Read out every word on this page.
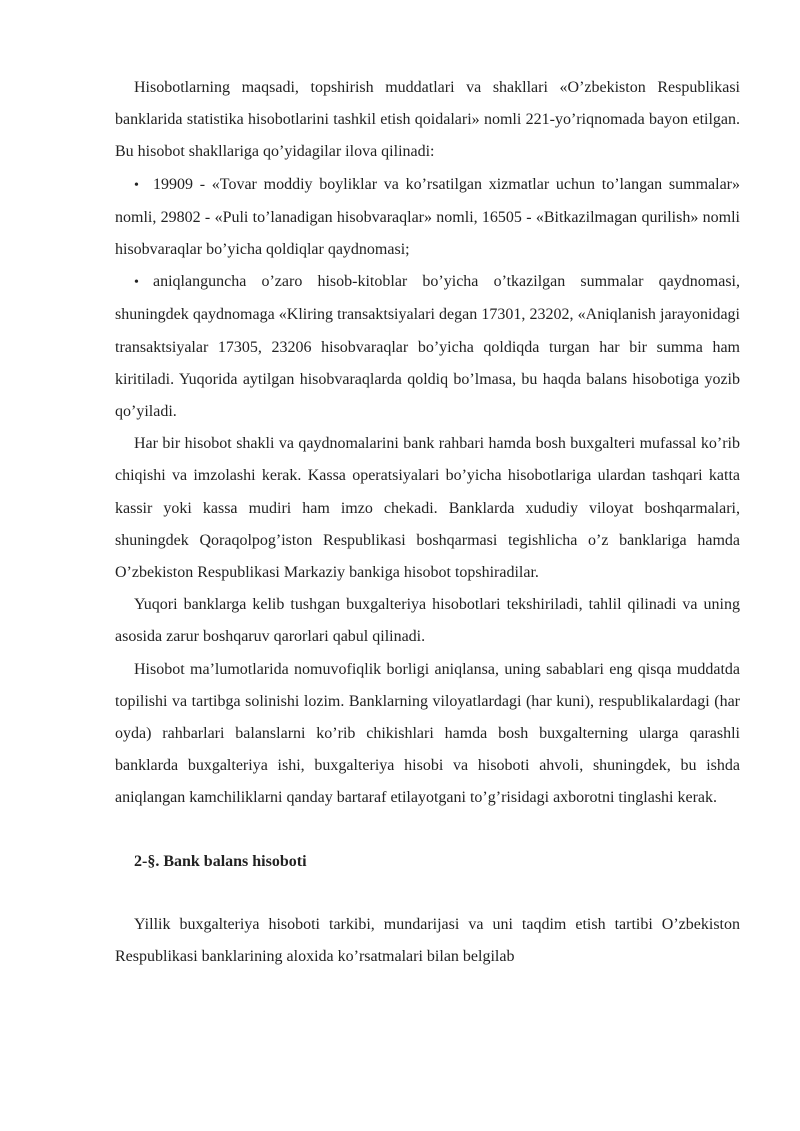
Hisobotlarning maqsadi, topshirish muddatlari va shakllari «O’zbekiston Respublikasi banklarida statistika hisobotlarini tashkil etish qoidalari» nomli 221-yo’riqnomada bayon etilgan. Bu hisobot shakllariga qo’yidagilar ilova qilinadi:

• 19909 - «Tovar moddiy boyliklar va ko’rsatilgan xizmatlar uchun to’langan summalar» nomli, 29802 - «Puli to’lanadigan hisobvaraqlar» nomli, 16505 - «Bitkazilmagan qurilish» nomli hisobvaraqlar bo’yicha qoldiqlar qaydnomasi;

• aniqlanguncha o’zaro hisob-kitoblar bo’yicha o’tkazilgan summalar qaydnomasi, shuningdek qaydnomaga «Kliring transaktsiyalari degan 17301, 23202, «Aniqlanish jarayonidagi transaktsiyalar 17305, 23206 hisobvaraqlar bo’yicha qoldiqda turgan har bir summa ham kiritiladi. Yuqorida aytilgan hisobvaraqlarda qoldiq bo’lmasa, bu haqda balans hisobotiga yozib qo’yiladi.

Har bir hisobot shakli va qaydnomalarini bank rahbari hamda bosh buxgalteri mufassal ko’rib chiqishi va imzolashi kerak. Kassa operatsiyalari bo’yicha hisobotlariga ulardan tashqari katta kassir yoki kassa mudiri ham imzo chekadi. Banklarda xududiy viloyat boshqarmalari, shuningdek Qoraqolpog’iston Respublikasi boshqarmasi tegishlicha o’z banklariga hamda O’zbekiston Respublikasi Markaziy bankiga hisobot topshiradilar.

Yuqori banklarga kelib tushgan buxgalteriya hisobotlari tekshiriladi, tahlil qilinadi va uning asosida zarur boshqaruv qarorlari qabul qilinadi.

Hisobot ma’lumotlarida nomuvofiqlik borligi aniqlansa, uning sabablari eng qisqa muddatda topilishi va tartibga solinishi lozim. Banklarning viloyatlardagi (har kuni), respublikalardagi (har oyda) rahbarlari balanslarni ko’rib chikishlari hamda bosh buxgalterning ularga qarashli banklarda buxgalteriya ishi, buxgalteriya hisobi va hisoboti ahvoli, shuningdek, bu ishda aniqlangan kamchiliklarni qanday bartaraf etilayotgani to’g’risidagi axborotni tinglashi kerak.

2-§. Bank balans hisoboti

Yillik buxgalteriya hisoboti tarkibi, mundarijasi va uni taqdim etish tartibi O’zbekiston Respublikasi banklarining aloxida ko’rsatmalari bilan belgilab
